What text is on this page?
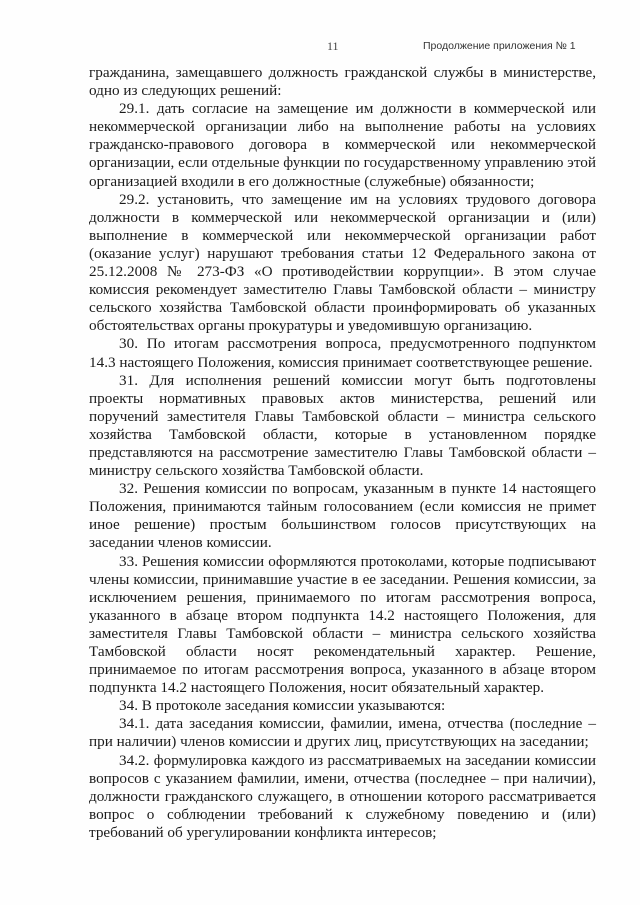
11	Продолжение приложения № 1

гражданина, замещавшего должность гражданской службы в министерстве, одно из следующих решений:

29.1. дать согласие на замещение им должности в коммерческой или некоммерческой организации либо на выполнение работы на условиях гражданско-правового договора в коммерческой или некоммерческой организации, если отдельные функции по государственному управлению этой организацией входили в его должностные (служебные) обязанности;

29.2. установить, что замещение им на условиях трудового договора должности в коммерческой или некоммерческой организации и (или) выполнение в коммерческой или некоммерческой организации работ (оказание услуг) нарушают требования статьи 12 Федерального закона от 25.12.2008 № 273-ФЗ «О противодействии коррупции». В этом случае комиссия рекомендует заместителю Главы Тамбовской области – министру сельского хозяйства Тамбовской области проинформировать об указанных обстоятельствах органы прокуратуры и уведомившую организацию.

30. По итогам рассмотрения вопроса, предусмотренного подпунктом 14.3 настоящего Положения, комиссия принимает соответствующее решение.

31. Для исполнения решений комиссии могут быть подготовлены проекты нормативных правовых актов министерства, решений или поручений заместителя Главы Тамбовской области – министра сельского хозяйства Тамбовской области, которые в установленном порядке представляются на рассмотрение заместителю Главы Тамбовской области – министру сельского хозяйства Тамбовской области.

32. Решения комиссии по вопросам, указанным в пункте 14 настоящего Положения, принимаются тайным голосованием (если комиссия не примет иное решение) простым большинством голосов присутствующих на заседании членов комиссии.

33. Решения комиссии оформляются протоколами, которые подписывают члены комиссии, принимавшие участие в ее заседании. Решения комиссии, за исключением решения, принимаемого по итогам рассмотрения вопроса, указанного в абзаце втором подпункта 14.2 настоящего Положения, для заместителя Главы Тамбовской области – министра сельского хозяйства Тамбовской области носят рекомендательный характер. Решение, принимаемое по итогам рассмотрения вопроса, указанного в абзаце втором подпункта 14.2 настоящего Положения, носит обязательный характер.

34. В протоколе заседания комиссии указываются:

34.1. дата заседания комиссии, фамилии, имена, отчества (последние – при наличии) членов комиссии и других лиц, присутствующих на заседании;

34.2. формулировка каждого из рассматриваемых на заседании комиссии вопросов с указанием фамилии, имени, отчества (последнее – при наличии), должности гражданского служащего, в отношении которого рассматривается вопрос о соблюдении требований к служебному поведению и (или) требований об урегулировании конфликта интересов;
